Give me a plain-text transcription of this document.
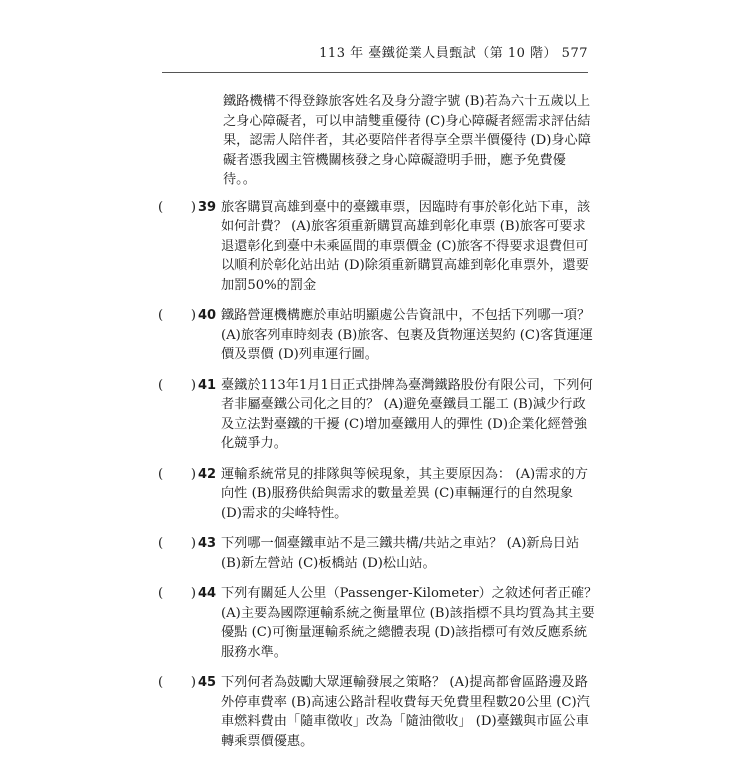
113 年 臺鐵從業人員甄試（第 10 階） 577
鐵路機構不得登錄旅客姓名及身分證字號 (B)若為六十五歲以上之身心障礙者，可以申請雙重優待 (C)身心障礙者經需求評估結果，認需人陪伴者，其必要陪伴者得享全票半價優待 (D)身心障礙者憑我國主管機關核發之身心障礙證明手冊，應予免費優待。。
( ) 39 旅客購買高雄到臺中的臺鐵車票，因臨時有事於彰化站下車，該如何計費？ (A)旅客須重新購買高雄到彰化車票 (B)旅客可要求退還彰化到臺中未乘區間的車票價金 (C)旅客不得要求退費但可以順利於彰化站出站 (D)除須重新購買高雄到彰化車票外，還要加罰50%的罰金
( ) 40 鐵路營運機構應於車站明顯處公告資訊中，不包括下列哪一項？ (A)旅客列車時刻表 (B)旅客、包裹及貨物運送契約 (C)客貨運運價及票價 (D)列車運行圖。
( ) 41 臺鐵於113年1月1日正式掛牌為臺灣鐵路股份有限公司，下列何者非屬臺鐵公司化之目的？ (A)避免臺鐵員工罷工 (B)減少行政及立法對臺鐵的干擾 (C)增加臺鐵用人的彈性 (D)企業化經營強化競爭力。
( ) 42 運輸系統常見的排隊與等候現象，其主要原因為： (A)需求的方向性 (B)服務供給與需求的數量差異 (C)車輛運行的自然現象 (D)需求的尖峰特性。
( ) 43 下列哪一個臺鐵車站不是三鐵共構/共站之車站？ (A)新烏日站 (B)新左營站 (C)板橋站 (D)松山站。
( ) 44 下列有關延人公里（Passenger-Kilometer）之敘述何者正確？ (A)主要為國際運輸系統之衡量單位 (B)該指標不具均質為其主要優點 (C)可衡量運輸系統之總體表現 (D)該指標可有效反應系統服務水準。
( ) 45 下列何者為鼓勵大眾運輸發展之策略？ (A)提高都會區路邊及路外停車費率 (B)高速公路計程收費每天免費里程數20公里 (C)汽車燃料費由「隨車徵收」改為「隨油徵收」 (D)臺鐵與市區公車轉乘票價優惠。
